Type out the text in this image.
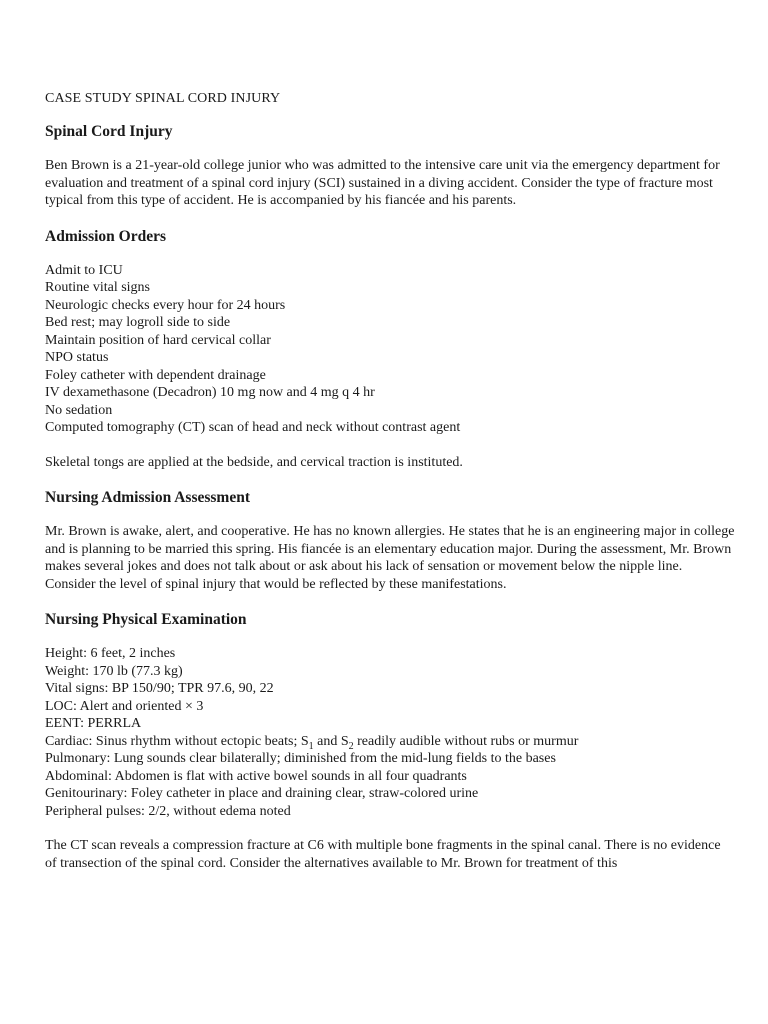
CASE STUDY SPINAL CORD INJURY
Spinal Cord Injury

Ben Brown is a 21-year-old college junior who was admitted to the intensive care unit via the emergency department for evaluation and treatment of a spinal cord injury (SCI) sustained in a diving accident. Consider the type of fracture most typical from this type of accident. He is accompanied by his fiancée and his parents.

Admission Orders
Admit to ICU
Routine vital signs
Neurologic checks every hour for 24 hours
Bed rest; may logroll side to side
Maintain position of hard cervical collar
NPO status
Foley catheter with dependent drainage
IV dexamethasone (Decadron) 10 mg now and 4 mg q 4 hr
No sedation
Computed tomography (CT) scan of head and neck without contrast agent

Skeletal tongs are applied at the bedside, and cervical traction is instituted.

Nursing Admission Assessment

Mr. Brown is awake, alert, and cooperative. He has no known allergies. He states that he is an engineering major in college and is planning to be married this spring. His fiancée is an elementary education major. During the assessment, Mr. Brown makes several jokes and does not talk about or ask about his lack of sensation or movement below the nipple line. Consider the level of spinal injury that would be reflected by these manifestations.

Nursing Physical Examination
Height: 6 feet, 2 inches
Weight: 170 lb (77.3 kg)
Vital signs: BP 150/90; TPR 97.6, 90, 22
LOC: Alert and oriented × 3
EENT: PERRLA
Cardiac: Sinus rhythm without ectopic beats; $S_1$ and $S_2$ readily audible without rubs or murmur
Pulmonary: Lung sounds clear bilaterally; diminished from the mid-lung fields to the bases
Abdominal: Abdomen is flat with active bowel sounds in all four quadrants
Genitourinary: Foley catheter in place and draining clear, straw-colored urine
Peripheral pulses: 2/2, without edema noted

The CT scan reveals a compression fracture at C6 with multiple bone fragments in the spinal canal. There is no evidence of transection of the spinal cord. Consider the alternatives available to Mr. Brown for treatment of this
